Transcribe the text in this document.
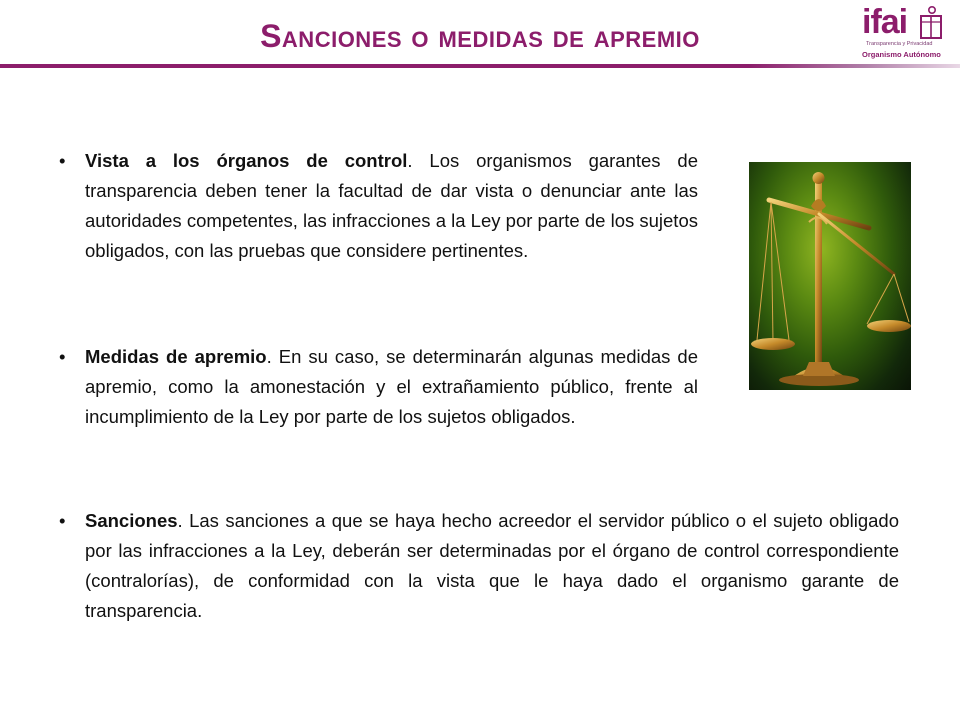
Sanciones o medidas de apremio	ifai
Transparencia y Privacidad
Organismo Autónomo

• Vista a los órganos de control. Los organismos garantes de transparencia deben tener la facultad de dar vista o denunciar ante las autoridades competentes, las infracciones a la Ley por parte de los sujetos obligados, con las pruebas que considere pertinentes.

• Medidas de apremio. En su caso, se determinarán algunas medidas de apremio, como la amonestación y el extrañamiento público, frente al incumplimiento de la Ley por parte de los sujetos obligados.

• Sanciones. Las sanciones a que se haya hecho acreedor el servidor público o el sujeto obligado por las infracciones a la Ley, deberán ser determinadas por el órgano de control correspondiente (contralorías), de conformidad con la vista que le haya dado el organismo garante de transparencia.
